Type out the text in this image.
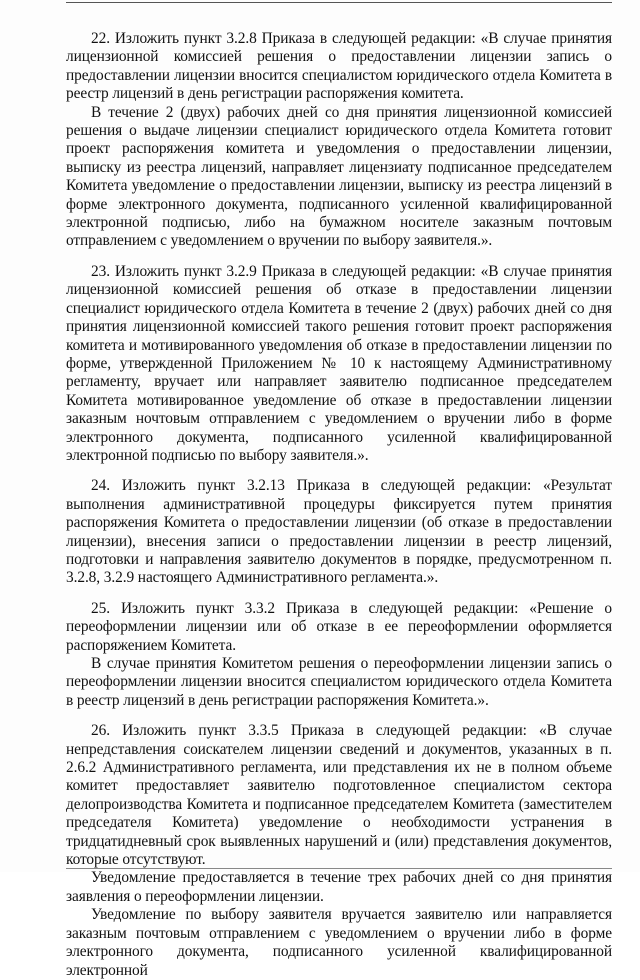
22. Изложить пункт 3.2.8 Приказа в следующей редакции: «В случае принятия лицензионной комиссией решения о предоставлении лицензии запись о предоставлении лицензии вносится специалистом юридического отдела Комитета в реестр лицензий в день регистрации распоряжения комитета.

В течение 2 (двух) рабочих дней со дня принятия лицензионной комиссией решения о выдаче лицензии специалист юридического отдела Комитета готовит проект распоряжения комитета и уведомления о предоставлении лицензии, выписку из реестра лицензий, направляет лицензиату подписанное председателем Комитета уведомление о предоставлении лицензии, выписку из реестра лицензий в форме электронного документа, подписанного усиленной квалифицированной электронной подписью, либо на бумажном носителе заказным почтовым отправлением с уведомлением о вручении по выбору заявителя.».

23. Изложить пункт 3.2.9 Приказа в следующей редакции: «В случае принятия лицензионной комиссией решения об отказе в предоставлении лицензии специалист юридического отдела Комитета в течение 2 (двух) рабочих дней со дня принятия лицензионной комиссией такого решения готовит проект распоряжения комитета и мотивированного уведомления об отказе в предоставлении лицензии по форме, утвержденной Приложением № 10 к настоящему Административному регламенту, вручает или направляет заявителю подписанное председателем Комитета мотивированное уведомление об отказе в предоставлении лицензии заказным ночтовым отправлением с уведомлением о вручении либо в форме электронного документа, подписанного усиленной квалифицированной электронной подписью по выбору заявителя.».

24. Изложить пункт 3.2.13 Приказа в следующей редакции: «Результат выполнения административной процедуры фиксируется путем принятия распоряжения Комитета о предоставлении лицензии (об отказе в предоставлении лицензии), внесения записи о предоставлении лицензии в реестр лицензий, подготовки и направления заявителю документов в порядке, предусмотренном п. 3.2.8, 3.2.9 настоящего Административного регламента.».

25. Изложить пункт 3.3.2 Приказа в следующей редакции: «Решение о переоформлении лицензии или об отказе в ее переоформлении оформляется распоряжением Комитета.

В случае принятия Комитетом решения о переоформлении лицензии запись о переоформлении лицензии вносится специалистом юридического отдела Комитета в реестр лицензий в день регистрации распоряжения Комитета.».

26. Изложить пункт 3.3.5 Приказа в следующей редакции: «В случае непредставления соискателем лицензии сведений и документов, указанных в п. 2.6.2 Административного регламента, или представления их не в полном объеме комитет предоставляет заявителю подготовленное специалистом сектора делопроизводства Комитета и подписанное председателем Комитета (заместителем председателя Комитета) уведомление о необходимости устранения в тридцатидневный срок выявленных нарушений и (или) представления документов, которые отсутствуют.

Уведомление предоставляется в течение трех рабочих дней со дня принятия заявления о переоформлении лицензии.

Уведомление по выбору заявителя вручается заявителю или направляется заказным почтовым отправлением с уведомлением о вручении либо в форме электронного документа, подписанного усиленной квалифицированной электронной
